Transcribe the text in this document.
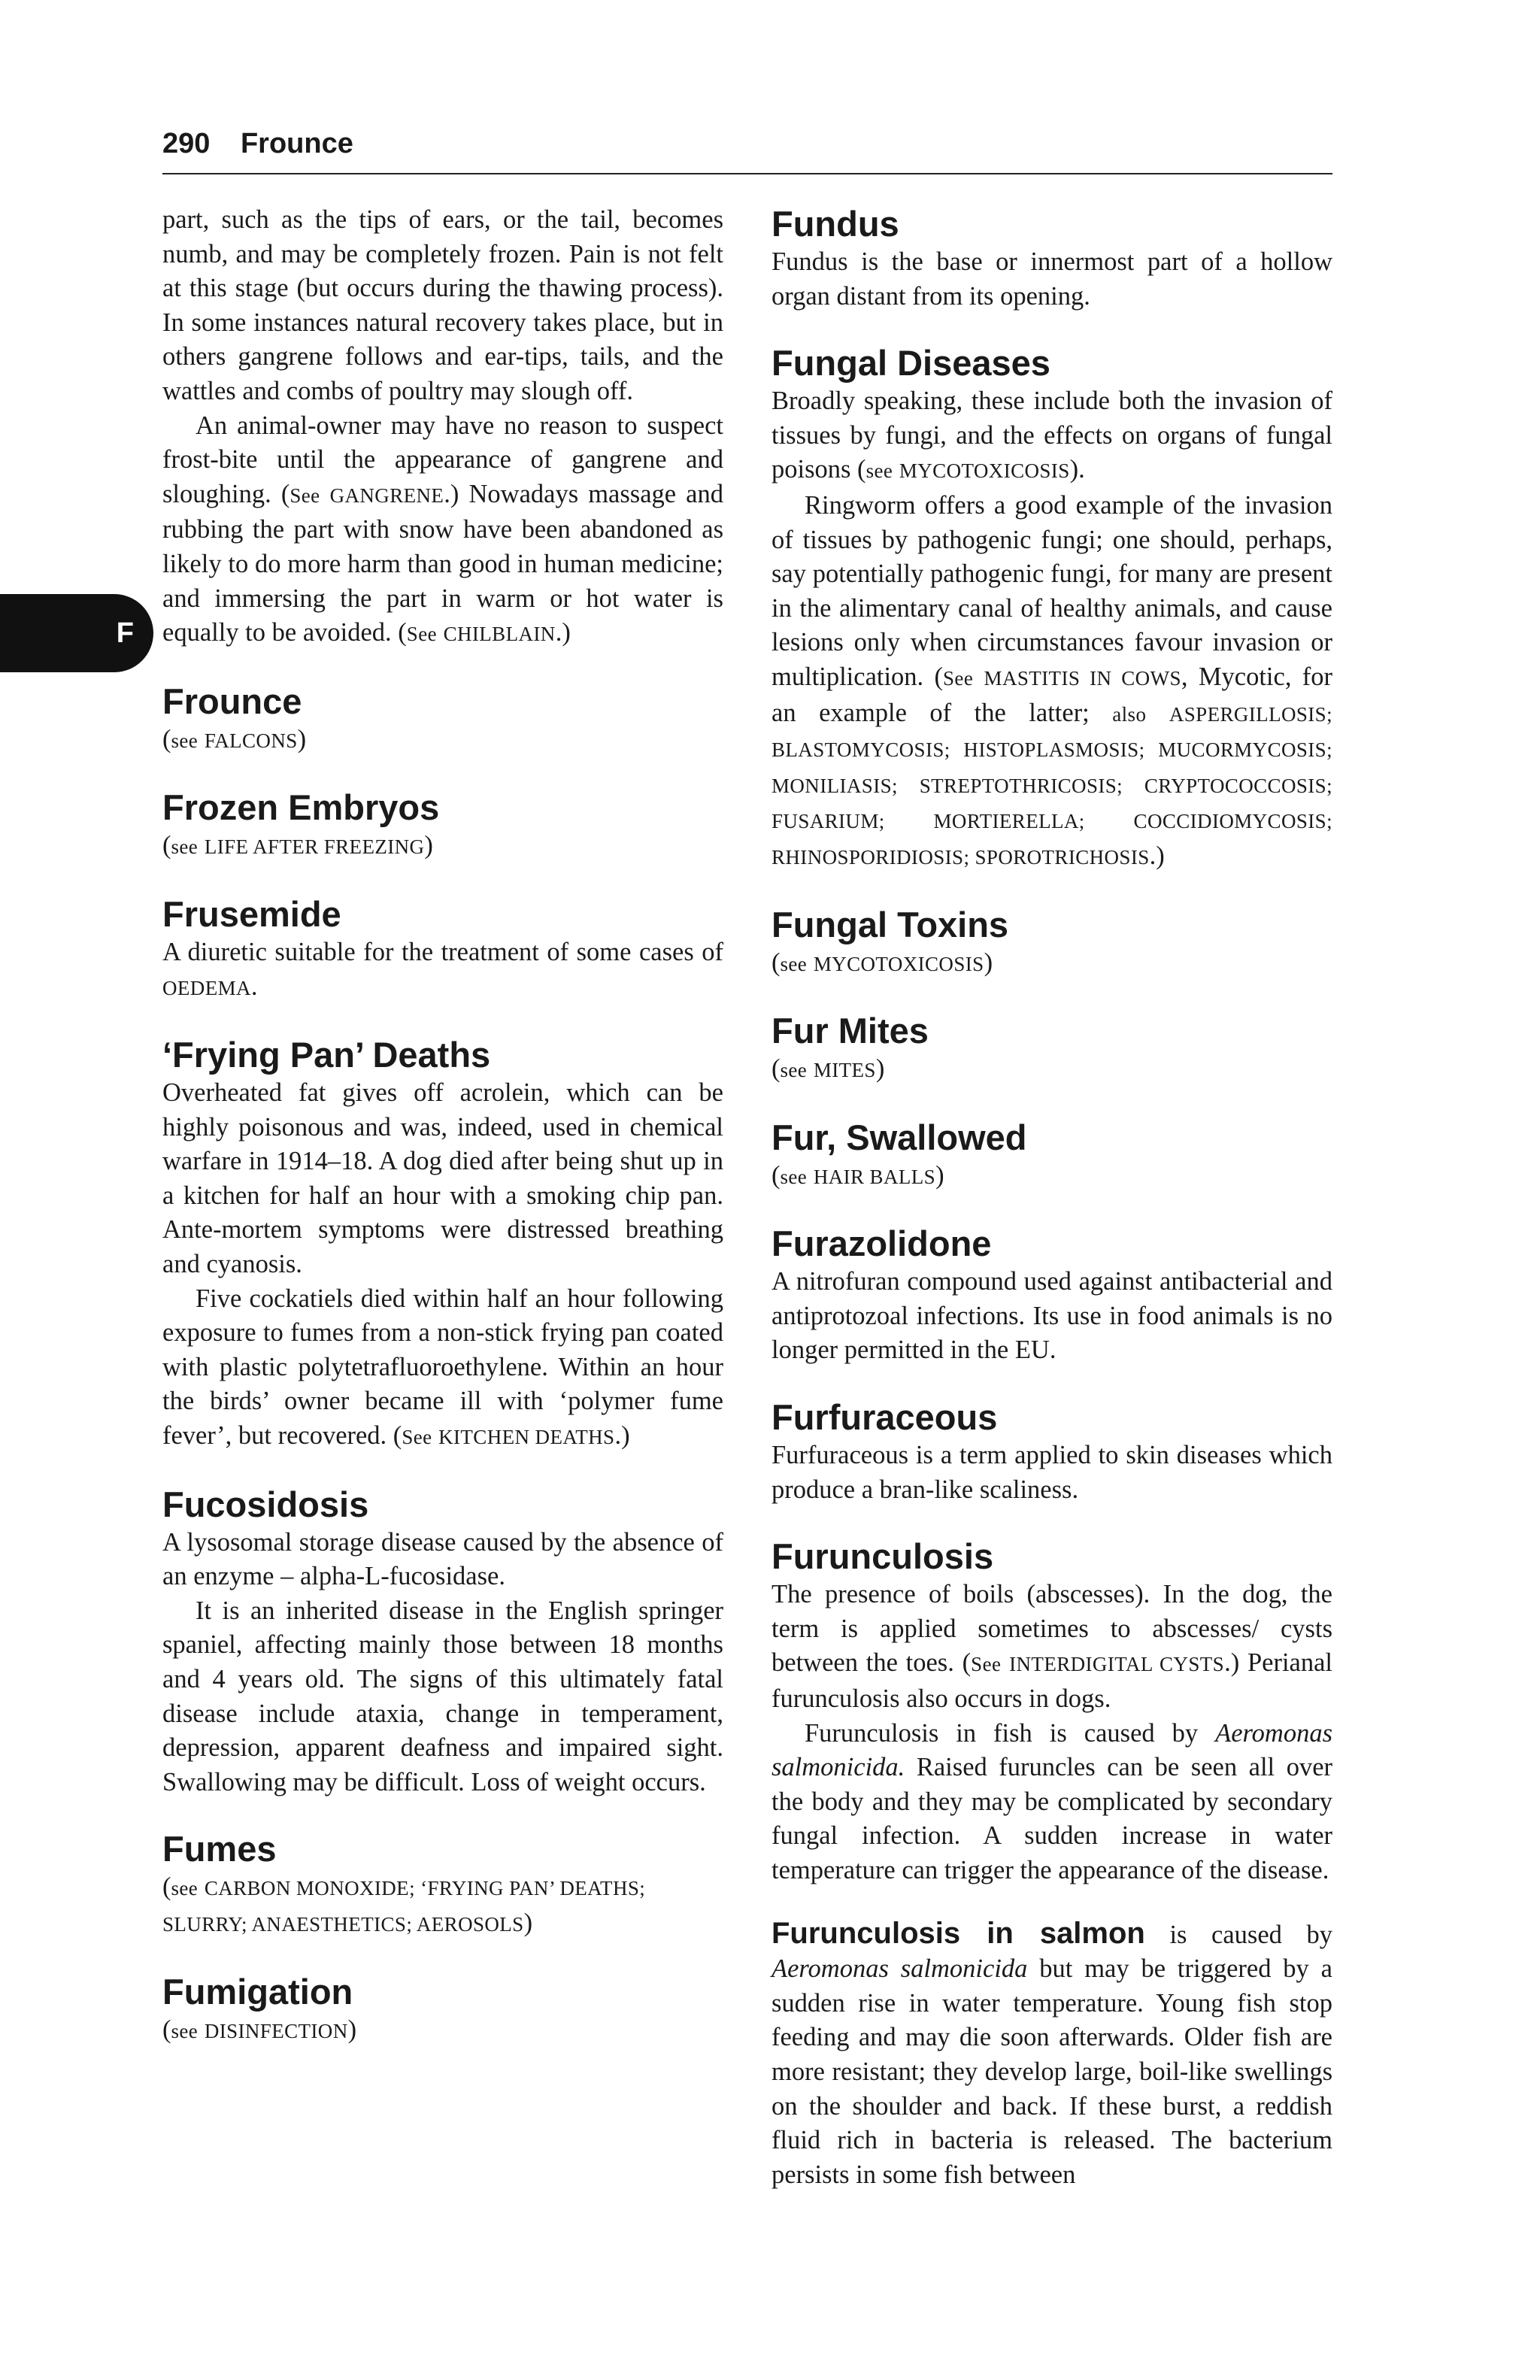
290 Frounce
F

part, such as the tips of ears, or the tail, becomes numb, and may be completely frozen. Pain is not felt at this stage (but occurs during the thawing process). In some instances natural recovery takes place, but in others gangrene follows and ear-tips, tails, and the wattles and combs of poultry may slough off.

An animal-owner may have no reason to suspect frost-bite until the appearance of gangrene and sloughing. (See GANGRENE.) Nowadays massage and rubbing the part with snow have been abandoned as likely to do more harm than good in human medicine; and immersing the part in warm or hot water is equally to be avoided. (See CHILBLAIN.)

Frounce

(see FALCONS)

Frozen Embryos

(see LIFE AFTER FREEZING)

Frusemide

A diuretic suitable for the treatment of some cases of OEDEMA.

‘Frying Pan’ Deaths

Overheated fat gives off acrolein, which can be highly poisonous and was, indeed, used in chemical warfare in 1914–18. A dog died after being shut up in a kitchen for half an hour with a smoking chip pan. Ante-mortem symptoms were distressed breathing and cyanosis.

Five cockatiels died within half an hour following exposure to fumes from a non-stick frying pan coated with plastic polytetrafluoroethylene. Within an hour the birds’ owner became ill with ‘polymer fume fever’, but recovered. (See KITCHEN DEATHS.)

Fucosidosis

A lysosomal storage disease caused by the absence of an enzyme – alpha-L-fucosidase.

It is an inherited disease in the English springer spaniel, affecting mainly those between 18 months and 4 years old. The signs of this ultimately fatal disease include ataxia, change in temperament, depression, apparent deafness and impaired sight. Swallowing may be difficult. Loss of weight occurs.

Fumes

(see CARBON MONOXIDE; ‘FRYING PAN’ DEATHS; SLURRY; ANAESTHETICS; AEROSOLS)

Fumigation

(see DISINFECTION)

Fundus

Fundus is the base or innermost part of a hollow organ distant from its opening.

Fungal Diseases

Broadly speaking, these include both the invasion of tissues by fungi, and the effects on organs of fungal poisons (see MYCOTOXICOSIS).

Ringworm offers a good example of the invasion of tissues by pathogenic fungi; one should, perhaps, say potentially pathogenic fungi, for many are present in the alimentary canal of healthy animals, and cause lesions only when circumstances favour invasion or multiplication. (See MASTITIS IN COWS, Mycotic, for an example of the latter; also ASPERGILLOSIS; BLASTOMYCOSIS; HISTOPLASMOSIS; MUCORMYCOSIS; MONILIASIS; STREPTOTHRICOSIS; CRYPTOCOCCOSIS; FUSARIUM; MORTIERELLA; COCCIDIOMYCOSIS; RHINOSPORIDIOSIS; SPOROTRICHOSIS.)

Fungal Toxins

(see MYCOTOXICOSIS)

Fur Mites

(see MITES)

Fur, Swallowed

(see HAIR BALLS)

Furazolidone

A nitrofuran compound used against antibacterial and antiprotozoal infections. Its use in food animals is no longer permitted in the EU.

Furfuraceous

Furfuraceous is a term applied to skin diseases which produce a bran-like scaliness.

Furunculosis

The presence of boils (abscesses). In the dog, the term is applied sometimes to abscesses/ cysts between the toes. (See INTERDIGITAL CYSTS.) Perianal furunculosis also occurs in dogs.

Furunculosis in fish is caused by Aeromonas salmonicida. Raised furuncles can be seen all over the body and they may be complicated by secondary fungal infection. A sudden increase in water temperature can trigger the appearance of the disease.

Furunculosis in salmon is caused by Aeromonas salmonicida but may be triggered by a sudden rise in water temperature. Young fish stop feeding and may die soon afterwards. Older fish are more resistant; they develop large, boil-like swellings on the shoulder and back. If these burst, a reddish fluid rich in bacteria is released. The bacterium persists in some fish between
